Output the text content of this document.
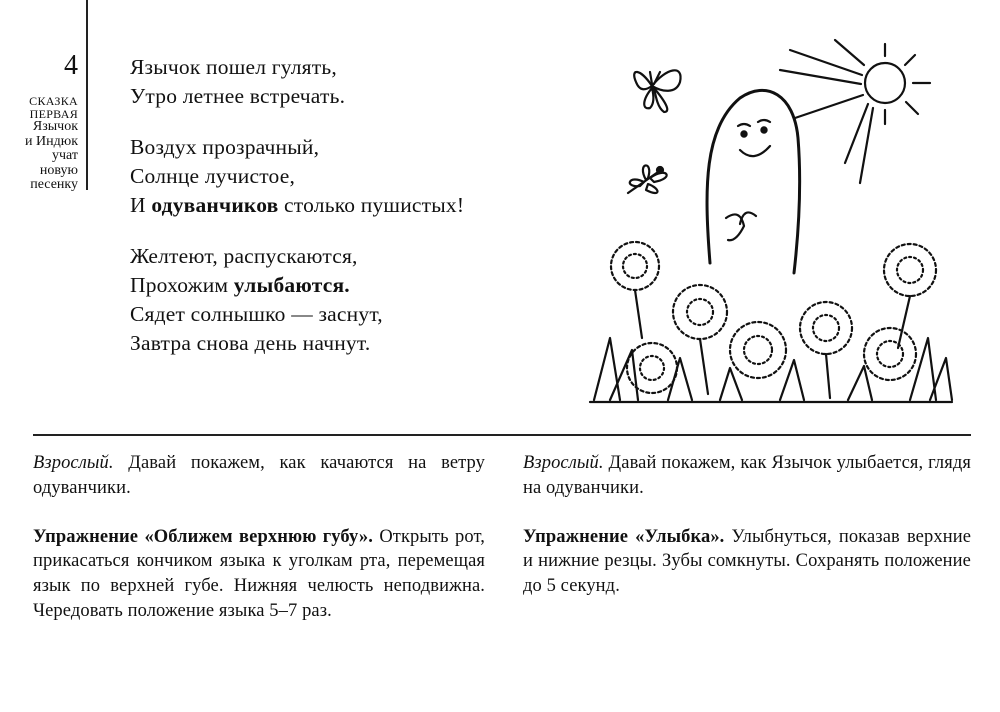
4

СКАЗКА
ПЕРВАЯ
Язычок
и Индюк
учат
новую
песенку
Язычок пошел гулять,
Утро летнее встречать.
Воздух прозрачный,
Солнце лучистое,
И одуванчиков столько пушистых!
Желтеют, распускаются,
Прохожим улыбаются.
Сядет солнышко — заснут,
Завтра снова день начнут.

Взрослый. Давай покажем, как качаются на ветру одуванчики.

Упражнение «Оближем верхнюю губу». Открыть рот, прикасаться кончиком языка к уголкам рта, перемещая язык по верхней губе. Нижняя челюсть неподвижна. Чередовать положение языка 5–7 раз.

Взрослый. Давай покажем, как Язычок улыбается, глядя на одуванчики.

Упражнение «Улыбка». Улыбнуться, показав верхние и нижние резцы. Зубы сомкнуты. Сохранять положение до 5 секунд.
